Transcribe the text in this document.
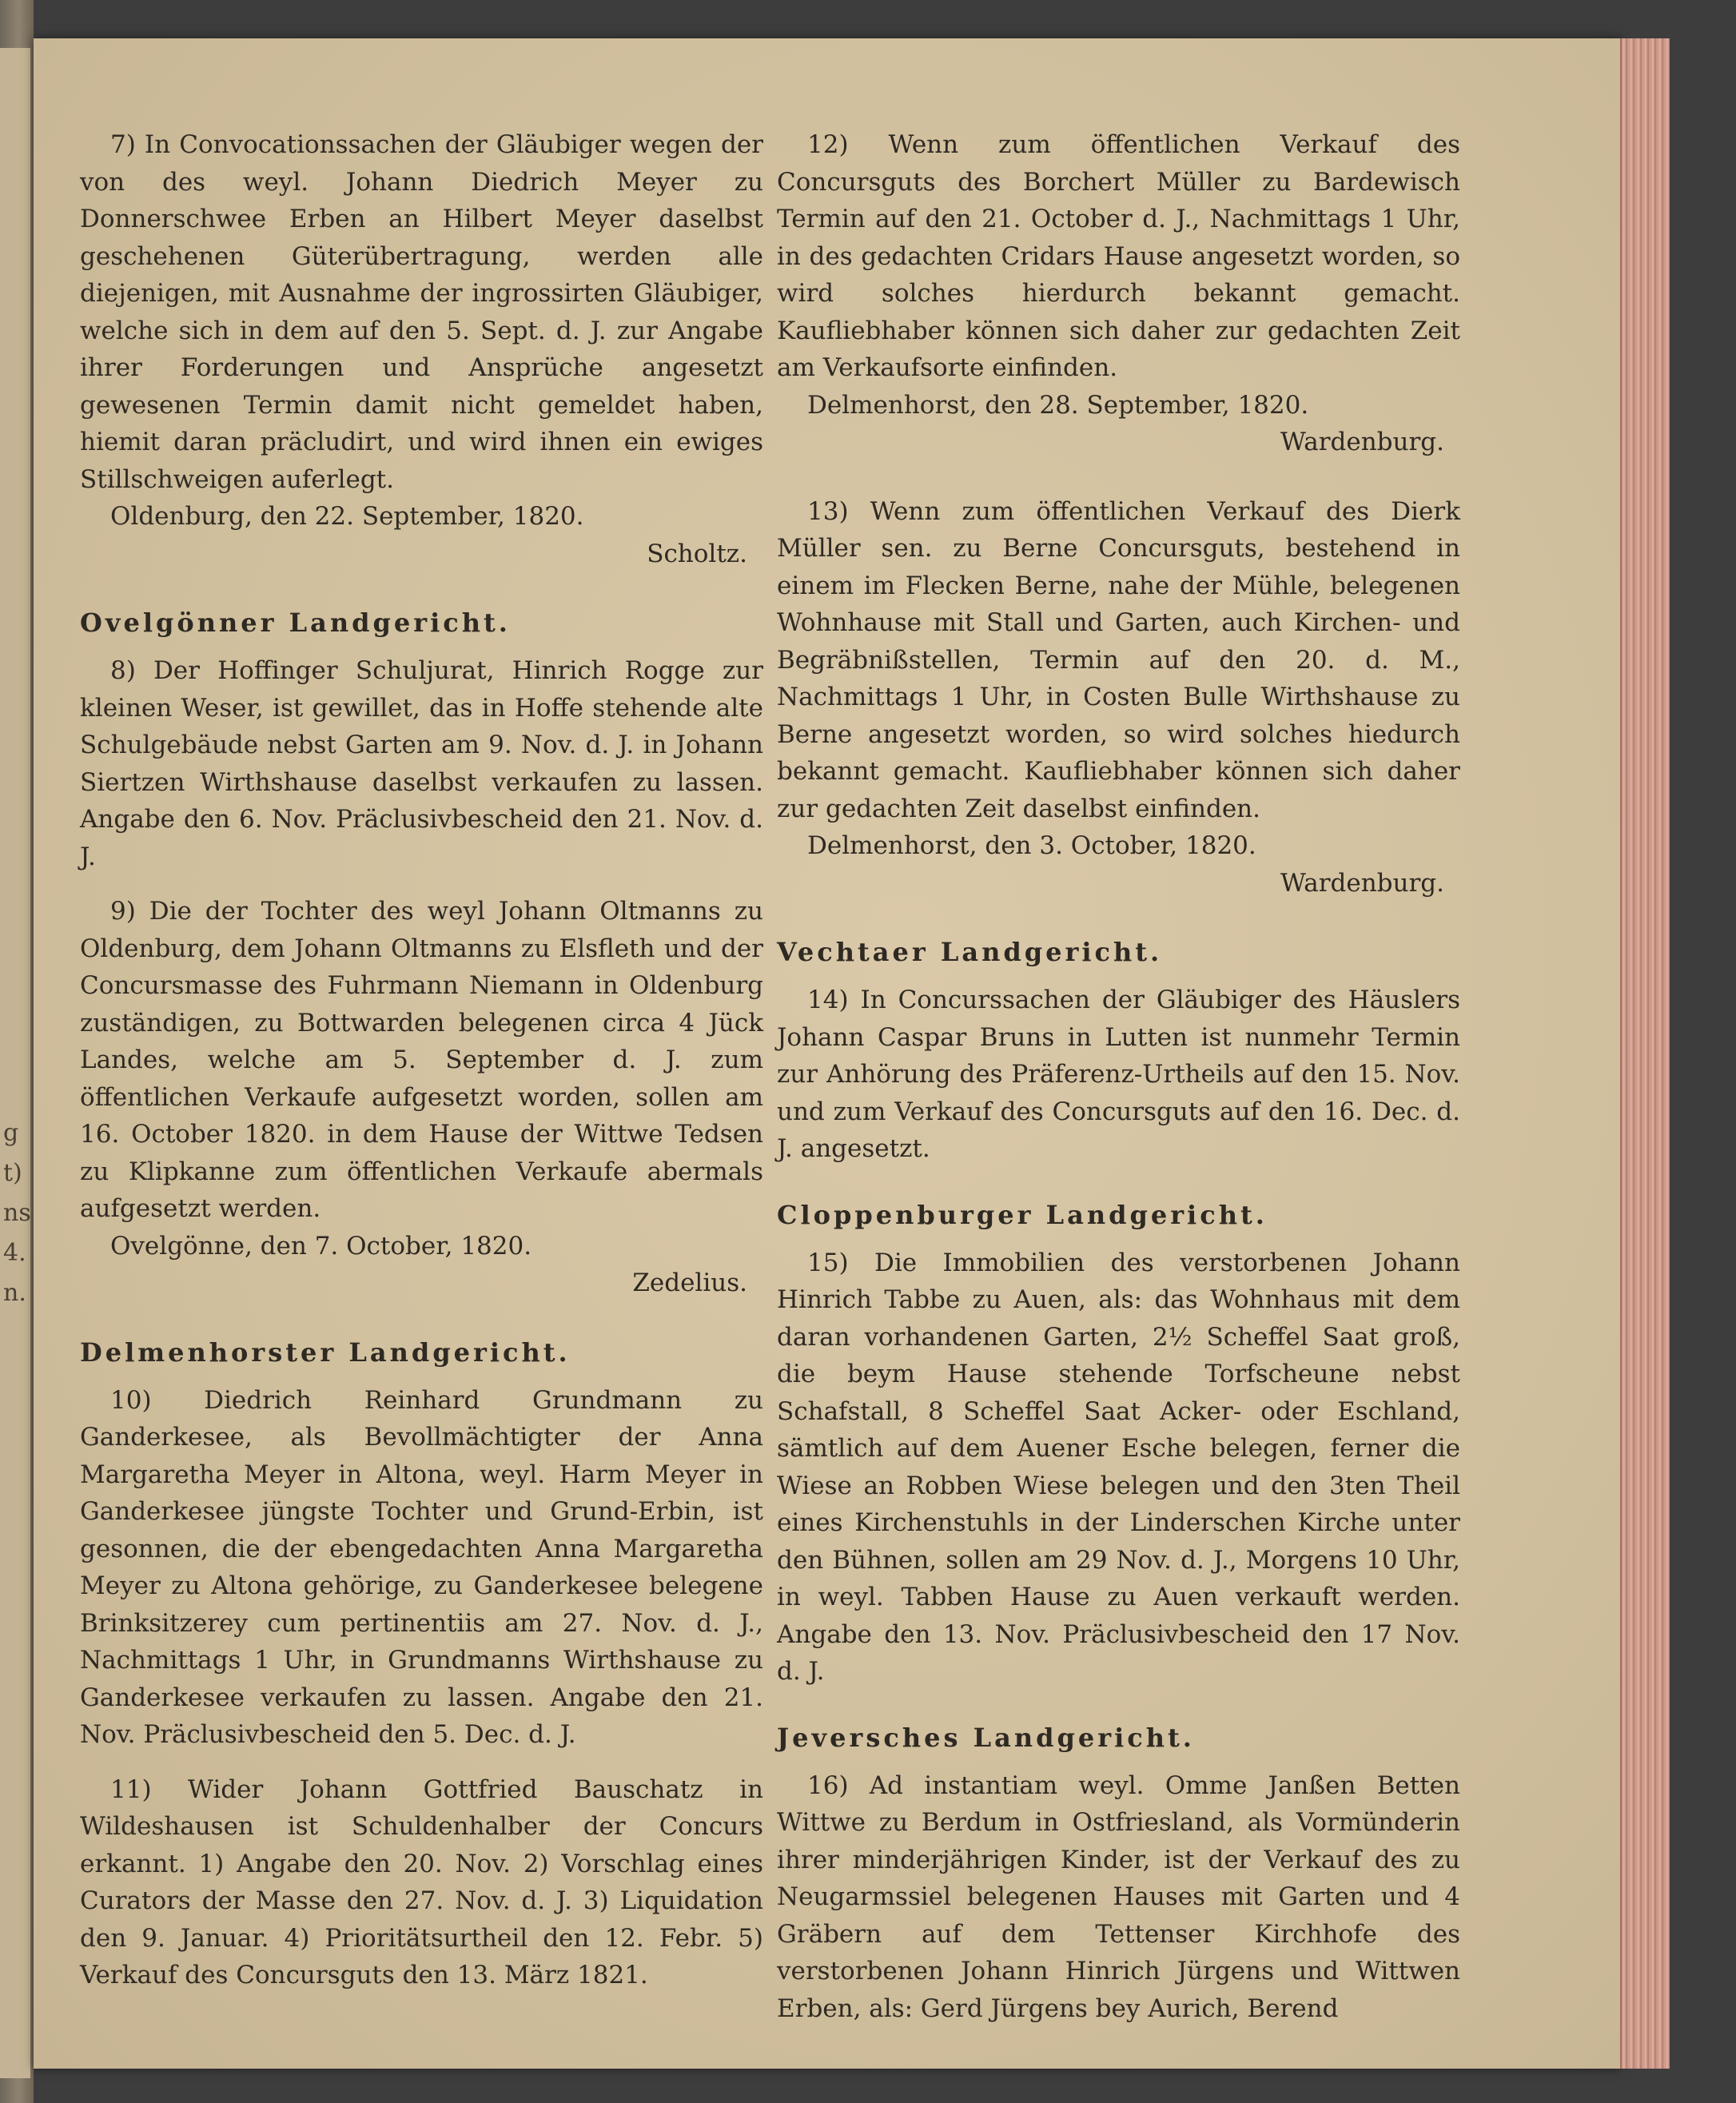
g
t)
ns
4.
n.

7) In Convocationssachen der Gläubiger wegen der von des weyl. Johann Diedrich Meyer zu Donnerschwee Erben an Hilbert Meyer daselbst geschehenen Güterübertragung, werden alle diejenigen, mit Ausnahme der ingrossirten Gläubiger, welche sich in dem auf den 5. Sept. d. J. zur Angabe ihrer Forderungen und Ansprüche angesetzt gewesenen Termin damit nicht gemeldet haben, hiemit daran präcludirt, und wird ihnen ein ewiges Stillschweigen auferlegt.

Oldenburg, den 22. September, 1820.

Scholtz.

Ovelgönner Landgericht.

8) Der Hoffinger Schuljurat, Hinrich Rogge zur kleinen Weser, ist gewillet, das in Hoffe stehende alte Schulgebäude nebst Garten am 9. Nov. d. J. in Johann Siertzen Wirthshause daselbst verkaufen zu lassen. Angabe den 6. Nov. Präclusivbescheid den 21. Nov. d. J.

9) Die der Tochter des weyl Johann Oltmanns zu Oldenburg, dem Johann Oltmanns zu Elsfleth und der Concursmasse des Fuhrmann Niemann in Oldenburg zuständigen, zu Bottwarden belegenen circa 4 Jück Landes, welche am 5. September d. J. zum öffentlichen Verkaufe aufgesetzt worden, sollen am 16. October 1820. in dem Hause der Wittwe Tedsen zu Klipkanne zum öffentlichen Verkaufe abermals aufgesetzt werden.

Ovelgönne, den 7. October, 1820.

Zedelius.

Delmenhorster Landgericht.

10) Diedrich Reinhard Grundmann zu Ganderkesee, als Bevollmächtigter der Anna Margaretha Meyer in Altona, weyl. Harm Meyer in Ganderkesee jüngste Tochter und Grund-Erbin, ist gesonnen, die der ebengedachten Anna Margaretha Meyer zu Altona gehörige, zu Ganderkesee belegene Brinksitzerey cum pertinentiis am 27. Nov. d. J., Nachmittags 1 Uhr, in Grundmanns Wirthshause zu Ganderkesee verkaufen zu lassen. Angabe den 21. Nov. Präclusivbescheid den 5. Dec. d. J.

11) Wider Johann Gottfried Bauschatz in Wildeshausen ist Schuldenhalber der Concurs erkannt. 1) Angabe den 20. Nov. 2) Vorschlag eines Curators der Masse den 27. Nov. d. J. 3) Liquidation den 9. Januar. 4) Prioritätsurtheil den 12. Febr. 5) Verkauf des Concursguts den 13. März 1821.

12) Wenn zum öffentlichen Verkauf des Concursguts des Borchert Müller zu Bardewisch Termin auf den 21. October d. J., Nachmittags 1 Uhr, in des gedachten Cridars Hause angesetzt worden, so wird solches hierdurch bekannt gemacht. Kaufliebhaber können sich daher zur gedachten Zeit am Verkaufsorte einfinden.

Delmenhorst, den 28. September, 1820.

Wardenburg.

13) Wenn zum öffentlichen Verkauf des Dierk Müller sen. zu Berne Concursguts, bestehend in einem im Flecken Berne, nahe der Mühle, belegenen Wohnhause mit Stall und Garten, auch Kirchen- und Begräbnißstellen, Termin auf den 20. d. M., Nachmittags 1 Uhr, in Costen Bulle Wirthshause zu Berne angesetzt worden, so wird solches hiedurch bekannt gemacht. Kaufliebhaber können sich daher zur gedachten Zeit daselbst einfinden.

Delmenhorst, den 3. October, 1820.

Wardenburg.

Vechtaer Landgericht.

14) In Concurssachen der Gläubiger des Häuslers Johann Caspar Bruns in Lutten ist nunmehr Termin zur Anhörung des Präferenz-Urtheils auf den 15. Nov. und zum Verkauf des Concursguts auf den 16. Dec. d. J. angesetzt.

Cloppenburger Landgericht.

15) Die Immobilien des verstorbenen Johann Hinrich Tabbe zu Auen, als: das Wohnhaus mit dem daran vorhandenen Garten, 2½ Scheffel Saat groß, die beym Hause stehende Torfscheune nebst Schafstall, 8 Scheffel Saat Acker- oder Eschland, sämtlich auf dem Auener Esche belegen, ferner die Wiese an Robben Wiese belegen und den 3ten Theil eines Kirchenstuhls in der Linderschen Kirche unter den Bühnen, sollen am 29 Nov. d. J., Morgens 10 Uhr, in weyl. Tabben Hause zu Auen verkauft werden. Angabe den 13. Nov. Präclusivbescheid den 17 Nov. d. J.

Jeversches Landgericht.

16) Ad instantiam weyl. Omme Janßen Betten Wittwe zu Berdum in Ostfriesland, als Vormünderin ihrer minderjährigen Kinder, ist der Verkauf des zu Neugarmssiel belegenen Hauses mit Garten und 4 Gräbern auf dem Tettenser Kirchhofe des verstorbenen Johann Hinrich Jürgens und Wittwen Erben, als: Gerd Jürgens bey Aurich, Berend
